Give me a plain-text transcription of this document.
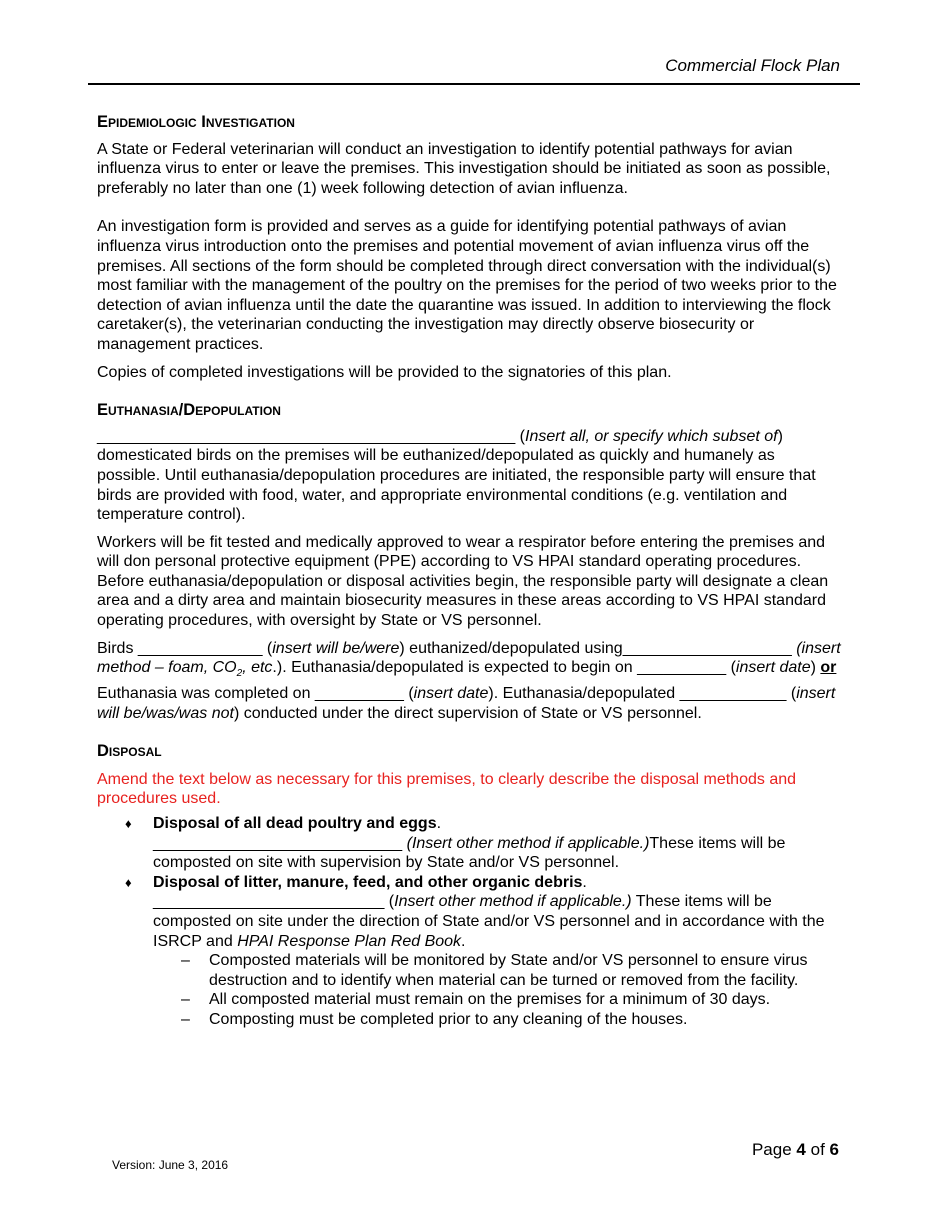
Commercial Flock Plan
Epidemiologic Investigation

A State or Federal veterinarian will conduct an investigation to identify potential pathways for avian influenza virus to enter or leave the premises. This investigation should be initiated as soon as possible, preferably no later than one (1) week following detection of avian influenza.

An investigation form is provided and serves as a guide for identifying potential pathways of avian influenza virus introduction onto the premises and potential movement of avian influenza virus off the premises. All sections of the form should be completed through direct conversation with the individual(s) most familiar with the management of the poultry on the premises for the period of two weeks prior to the detection of avian influenza until the date the quarantine was issued. In addition to interviewing the flock caretaker(s), the veterinarian conducting the investigation may directly observe biosecurity or management practices.

Copies of completed investigations will be provided to the signatories of this plan.

Euthanasia/Depopulation

_______________________________________________ (Insert all, or specify which subset of)
domesticated birds on the premises will be euthanized/depopulated as quickly and humanely as possible. Until euthanasia/depopulation procedures are initiated, the responsible party will ensure that birds are provided with food, water, and appropriate environmental conditions (e.g. ventilation and temperature control).

Workers will be fit tested and medically approved to wear a respirator before entering the premises and will don personal protective equipment (PPE) according to VS HPAI standard operating procedures. Before euthanasia/depopulation or disposal activities begin, the responsible party will designate a clean area and a dirty area and maintain biosecurity measures in these areas according to VS HPAI standard operating procedures, with oversight by State or VS personnel.

Birds ______________ (insert will be/were) euthanized/depopulated using___________________ (insert method – foam, $CO_2$, etc.). Euthanasia/depopulated is expected to begin on __________ (insert date) or Euthanasia was completed on __________ (insert date). Euthanasia/depopulated ____________ (insert will be/was/was not) conducted under the direct supervision of State or VS personnel.

Disposal

Amend the text below as necessary for this premises, to clearly describe the disposal methods and procedures used.

♦ Disposal of all dead poultry and eggs.
____________________________ (Insert other method if applicable.)These items will be composted on site with supervision by State and/or VS personnel.
♦ Disposal of litter, manure, feed, and other organic debris.
__________________________ (Insert other method if applicable.) These items will be composted on site under the direction of State and/or VS personnel and in accordance with the ISRCP and HPAI Response Plan Red Book.
– Composted materials will be monitored by State and/or VS personnel to ensure virus destruction and to identify when material can be turned or removed from the facility.
– All composted material must remain on the premises for a minimum of 30 days.
– Composting must be completed prior to any cleaning of the houses.
Page 4 of 6
Version: June 3, 2016
